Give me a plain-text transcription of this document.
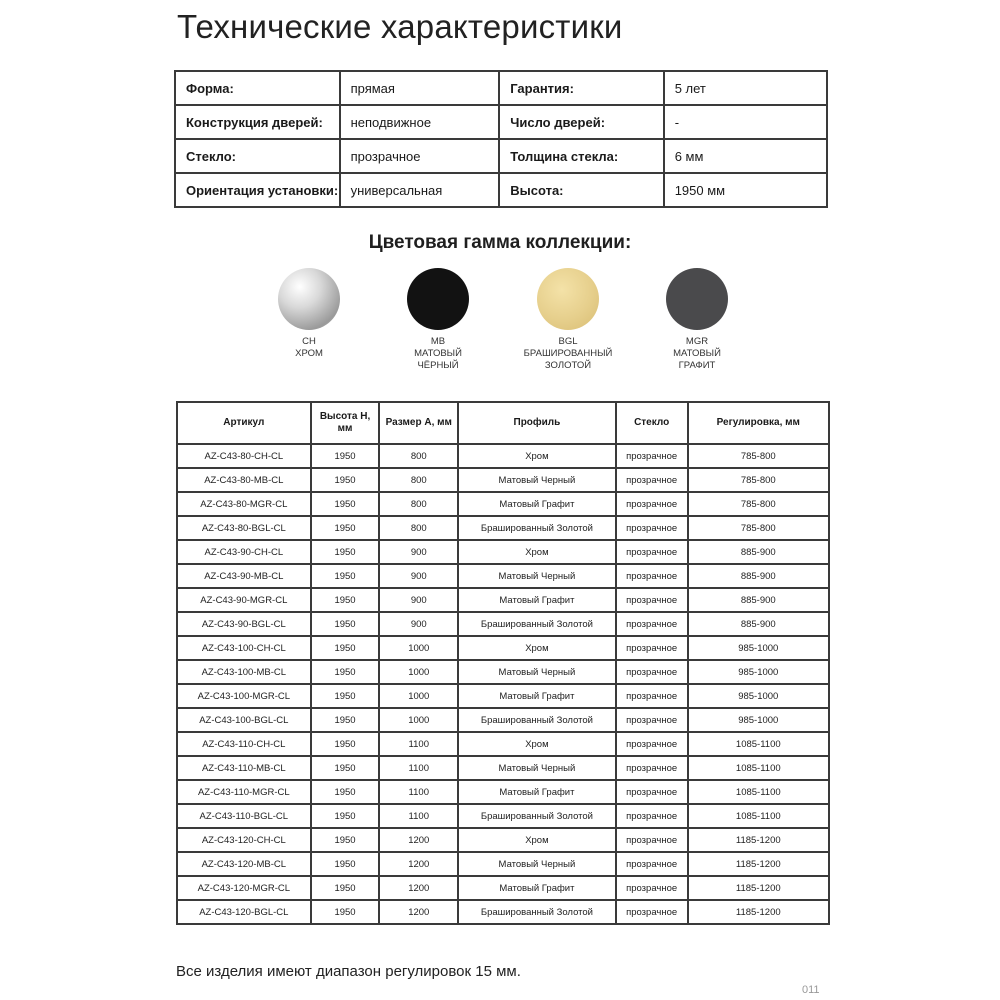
Технические характеристики
Форма:	прямая	Гарантия:	5 лет
Конструкция дверей:	неподвижное	Число дверей:	-
Стекло:	прозрачное	Толщина стекла:	6 мм
Ориентация установки:	универсальная	Высота:	1950 мм
Цветовая гамма коллекции:
CH
ХРОМ
MB
МАТОВЫЙ
ЧЁРНЫЙ
BGL
БРАШИРОВАННЫЙ
ЗОЛОТОЙ
MGR
МАТОВЫЙ
ГРАФИТ
Артикул	Высота H, мм	Размер A, мм	Профиль	Стекло	Регулировка, мм
AZ-C43-80-CH-CL	1950	800	Хром	прозрачное	785-800
AZ-C43-80-MB-CL	1950	800	Матовый Черный	прозрачное	785-800
AZ-C43-80-MGR-CL	1950	800	Матовый Графит	прозрачное	785-800
AZ-C43-80-BGL-CL	1950	800	Брашированный Золотой	прозрачное	785-800
AZ-C43-90-CH-CL	1950	900	Хром	прозрачное	885-900
AZ-C43-90-MB-CL	1950	900	Матовый Черный	прозрачное	885-900
AZ-C43-90-MGR-CL	1950	900	Матовый Графит	прозрачное	885-900
AZ-C43-90-BGL-CL	1950	900	Брашированный Золотой	прозрачное	885-900
AZ-C43-100-CH-CL	1950	1000	Хром	прозрачное	985-1000
AZ-C43-100-MB-CL	1950	1000	Матовый Черный	прозрачное	985-1000
AZ-C43-100-MGR-CL	1950	1000	Матовый Графит	прозрачное	985-1000
AZ-C43-100-BGL-CL	1950	1000	Брашированный Золотой	прозрачное	985-1000
AZ-C43-110-CH-CL	1950	1100	Хром	прозрачное	1085-1100
AZ-C43-110-MB-CL	1950	1100	Матовый Черный	прозрачное	1085-1100
AZ-C43-110-MGR-CL	1950	1100	Матовый Графит	прозрачное	1085-1100
AZ-C43-110-BGL-CL	1950	1100	Брашированный Золотой	прозрачное	1085-1100
AZ-C43-120-CH-CL	1950	1200	Хром	прозрачное	1185-1200
AZ-C43-120-MB-CL	1950	1200	Матовый Черный	прозрачное	1185-1200
AZ-C43-120-MGR-CL	1950	1200	Матовый Графит	прозрачное	1185-1200
AZ-C43-120-BGL-CL	1950	1200	Брашированный Золотой	прозрачное	1185-1200
Все изделия имеют диапазон регулировок 15 мм.
011
